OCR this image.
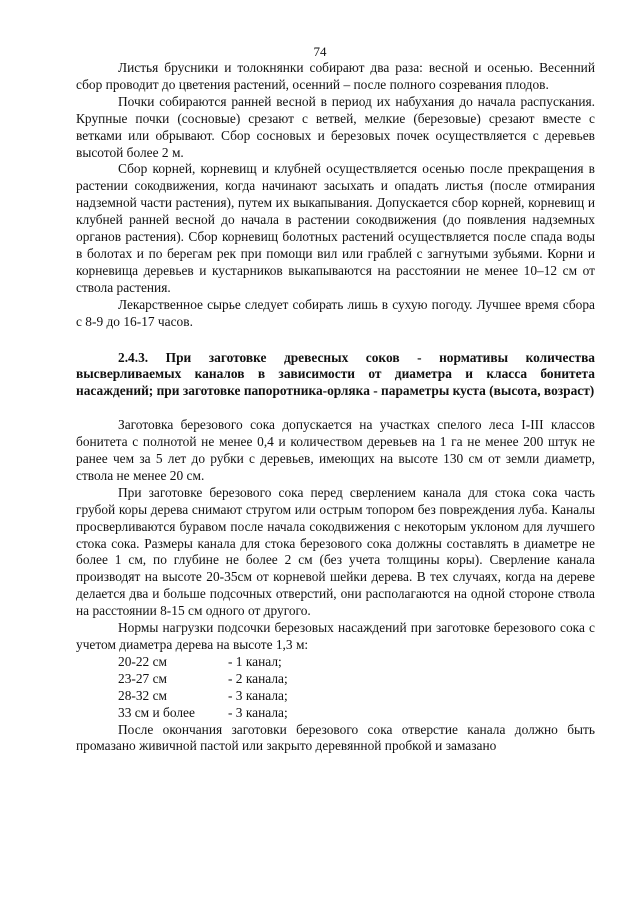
74

Листья брусники и толокнянки собирают два раза: весной и осенью. Весенний сбор проводит до цветения растений, осенний – после полного созревания плодов.

Почки собираются ранней весной в период их набухания до начала распускания. Крупные почки (сосновые) срезают с ветвей, мелкие (березовые) срезают вместе с ветками или обрывают. Сбор сосновых и березовых почек осуществляется с деревьев высотой более 2 м.

Сбор корней, корневищ и клубней осуществляется осенью после прекращения в растении сокодвижения, когда начинают засыхать и опадать листья (после отмирания надземной части растения), путем их выкапывания. Допускается сбор корней, корневищ и клубней ранней весной до начала в растении сокодвижения (до появления надземных органов растения). Сбор корневищ болотных растений осуществляется после спада воды в болотах и по берегам рек при помощи вил или граблей с загнутыми зубьями. Корни и корневища деревьев и кустарников выкапываются на расстоянии не менее 10–12 см от ствола растения.

Лекарственное сырье следует собирать лишь в сухую погоду. Лучшее время сбора с 8-9 до 16-17 часов.

2.4.3. При заготовке древесных соков - нормативы количества высверливаемых каналов в зависимости от диаметра и класса бонитета насаждений; при заготовке папоротника-орляка - параметры куста (высота, возраст)

Заготовка березового сока допускается на участках спелого леса I-III классов бонитета с полнотой не менее 0,4 и количеством деревьев на 1 га не менее 200 штук не ранее чем за 5 лет до рубки с деревьев, имеющих на высоте 130 см от земли диаметр, ствола не менее 20 см.

При заготовке березового сока перед сверлением канала для стока сока часть грубой коры дерева снимают стругом или острым топором без повреждения луба. Каналы просверливаются буравом после начала сокодвижения с некоторым уклоном для лучшего стока сока. Размеры канала для стока березового сока должны составлять в диаметре не более 1 см, по глубине не более 2 см (без учета толщины коры). Сверление канала производят на высоте 20-35см от корневой шейки дерева. В тех случаях, когда на дереве делается два и больше подсочных отверстий, они располагаются на одной стороне ствола на расстоянии 8-15 см одного от другого.

Нормы нагрузки подсочки березовых насаждений при заготовке березового сока с учетом диаметра дерева на высоте 1,3 м:

20-22 см	- 1 канал;
23-27 см	- 2 канала;
28-32 см	- 3 канала;
33 см и более	- 3 канала;

После окончания заготовки березового сока отверстие канала должно быть промазано живичной пастой или закрыто деревянной пробкой и замазано
